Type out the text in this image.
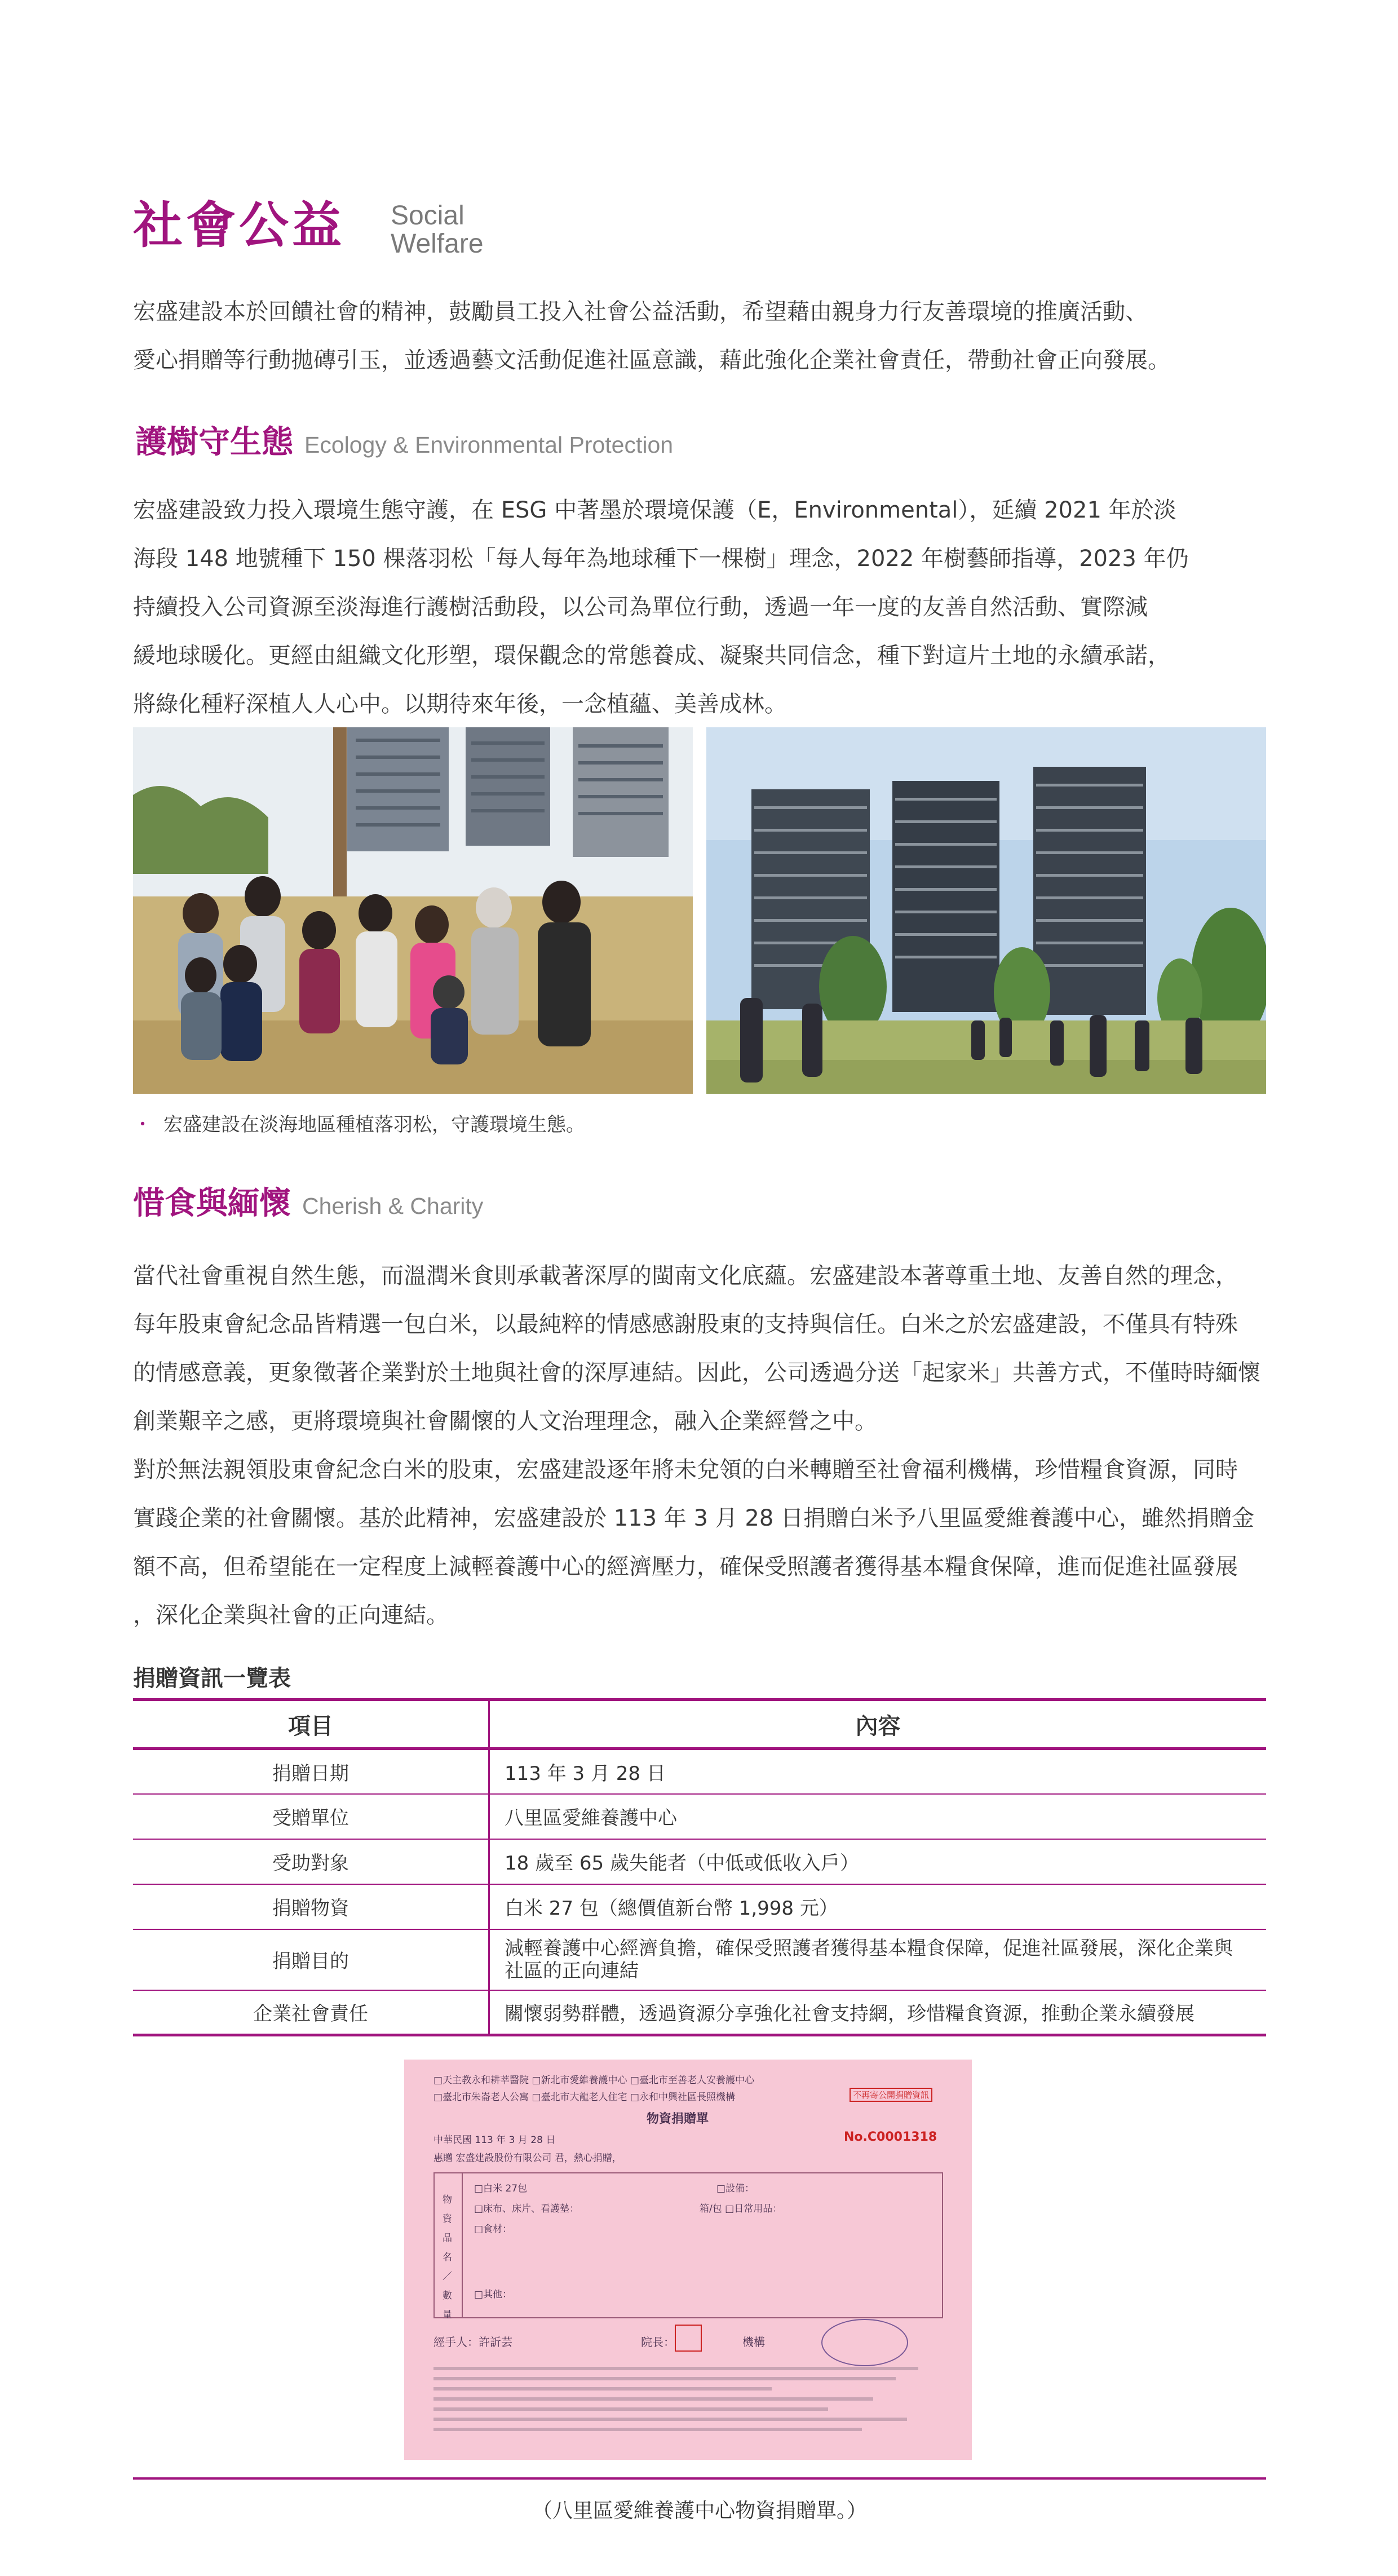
社會公益 Social
Welfare
宏盛建設本於回饋社會的精神，鼓勵員工投入社會公益活動，希望藉由親身力行友善環境的推廣活動、
愛心捐贈等行動拋磚引玉，並透過藝文活動促進社區意識，藉此強化企業社會責任，帶動社會正向發展。
護樹守生態 Ecology & Environmental Protection
宏盛建設致力投入環境生態守護，在 ESG 中著墨於環境保護（E，Environmental），延續 2021 年於淡
海段 148 地號種下 150 棵落羽松「每人每年為地球種下一棵樹」理念，2022 年樹藝師指導，2023 年仍
持續投入公司資源至淡海進行護樹活動段，以公司為單位行動，透過一年一度的友善自然活動、實際減
緩地球暖化。更經由組織文化形塑，環保觀念的常態養成、凝聚共同信念，種下對這片土地的永續承諾，
將綠化種籽深植人人心中。以期待來年後，一念植蘊、美善成林。
・ 宏盛建設在淡海地區種植落羽松，守護環境生態。
惜食與緬懷 Cherish & Charity
當代社會重視自然生態，而溫潤米食則承載著深厚的閩南文化底蘊。宏盛建設本著尊重土地、友善自然的理念，
每年股東會紀念品皆精選一包白米，以最純粹的情感感謝股東的支持與信任。白米之於宏盛建設，不僅具有特殊
的情感意義，更象徵著企業對於土地與社會的深厚連結。因此，公司透過分送「起家米」共善方式，不僅時時緬懷
創業艱辛之感，更將環境與社會關懷的人文治理理念，融入企業經營之中。
對於無法親領股東會紀念白米的股東，宏盛建設逐年將未兌領的白米轉贈至社會福利機構，珍惜糧食資源，同時
實踐企業的社會關懷。基於此精神，宏盛建設於 113 年 3 月 28 日捐贈白米予八里區愛維養護中心，雖然捐贈金
額不高，但希望能在一定程度上減輕養護中心的經濟壓力，確保受照護者獲得基本糧食保障，進而促進社區發展
，深化企業與社會的正向連結。
捐贈資訊一覽表
項目	內容
捐贈日期	113 年 3 月 28 日
受贈單位	八里區愛維養護中心
受助對象	18 歲至 65 歲失能者（中低或低收入戶）
捐贈物資	白米 27 包（總價值新台幣 1,998 元）
捐贈目的	減輕養護中心經濟負擔，確保受照護者獲得基本糧食保障，促進社區發展，深化企業與社區的正向連結
企業社會責任	關懷弱勢群體，透過資源分享強化社會支持網，珍惜糧食資源，推動企業永續發展
□天主教永和耕莘醫院 □新北市愛維養護中心 □臺北市至善老人安養護中心
□臺北市朱崙老人公寓 □臺北市大龍老人住宅 □永和中興社區長照機構	不再寄公開捐贈資訊
物資捐贈單
中華民國 113 年 3 月 28 日	No.C0001318
惠贈 宏盛建設股份有限公司 君，熱心捐贈，
物資品名／數量
□白米 27包
□床布、床片、看護墊：
□食材：
□其他：
□設備：
箱/包 □日常用品：
經手人：許訢芸	院長：	機構
（八里區愛維養護中心物資捐贈單。）
